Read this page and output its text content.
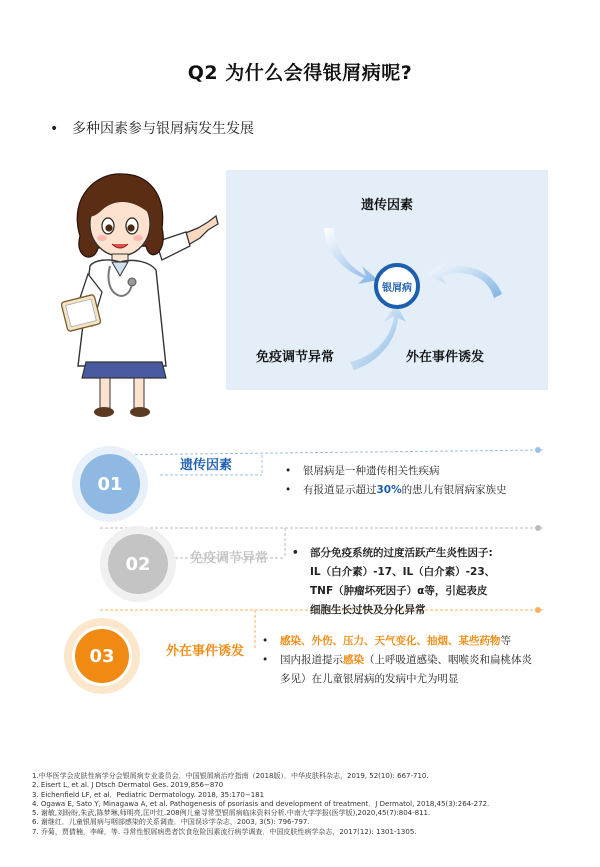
Q2 为什么会得银屑病呢?
• 多种因素参与银屑病发生发展
遗传因素
银屑病
免疫调节异常	外在事件诱发
01
遗传因素	• 银屑病是一种遗传相关性疾病
• 有报道显示超过30%的患儿有银屑病家族史
02	免疫调节异常 • 部分免疫系统的过度活跃产生炎性因子:
IL（白介素）-17、IL（白介素）-23、
TNF（肿瘤坏死因子）α等，引起表皮
细胞生长过快及分化异常
03	外在事件诱发
• 感染、外伤、压力、天气变化、抽烟、某些药物等
• 国内报道提示感染（上呼吸道感染、咽喉炎和扁桃体炎
多见）在儿童银屑病的发病中尤为明显
1.中华医学会皮肤性病学分会银屑病专业委员会．中国银屑病治疗指南（2018版）．中华皮肤科杂志，2019, 52(10): 667-710.
2. Eisert L, et al. J Dtsch Dermatol Ges. 2019,856−870
3. Eichenfield LF, et al．Pediatric Dermatology. 2018, 35:170−181
4. Ogawa E, Sato Y, Minagawa A, et al. Pathogenesis of psoriasis and development of treatment．J Dermatol, 2018,45(3):264-272.
5. 谢敏,刘盼盼,朱武,陈梦琳,师明亮,匡叶红.208例儿童寻常型银屑病临床资料分析.中南大学学报(医学版),2020,45(7):804-811.
6. 谢继红．儿童银屑病与咽部感染的关系调查．中国误诊学杂志，2003, 3(5): 796-797.
7. 乔菊，贾倩楠，李峰，等. 寻常性银屑病患者饮食危险因素流行病学调查．中国皮肤性病学杂志，2017(12): 1301-1305.
